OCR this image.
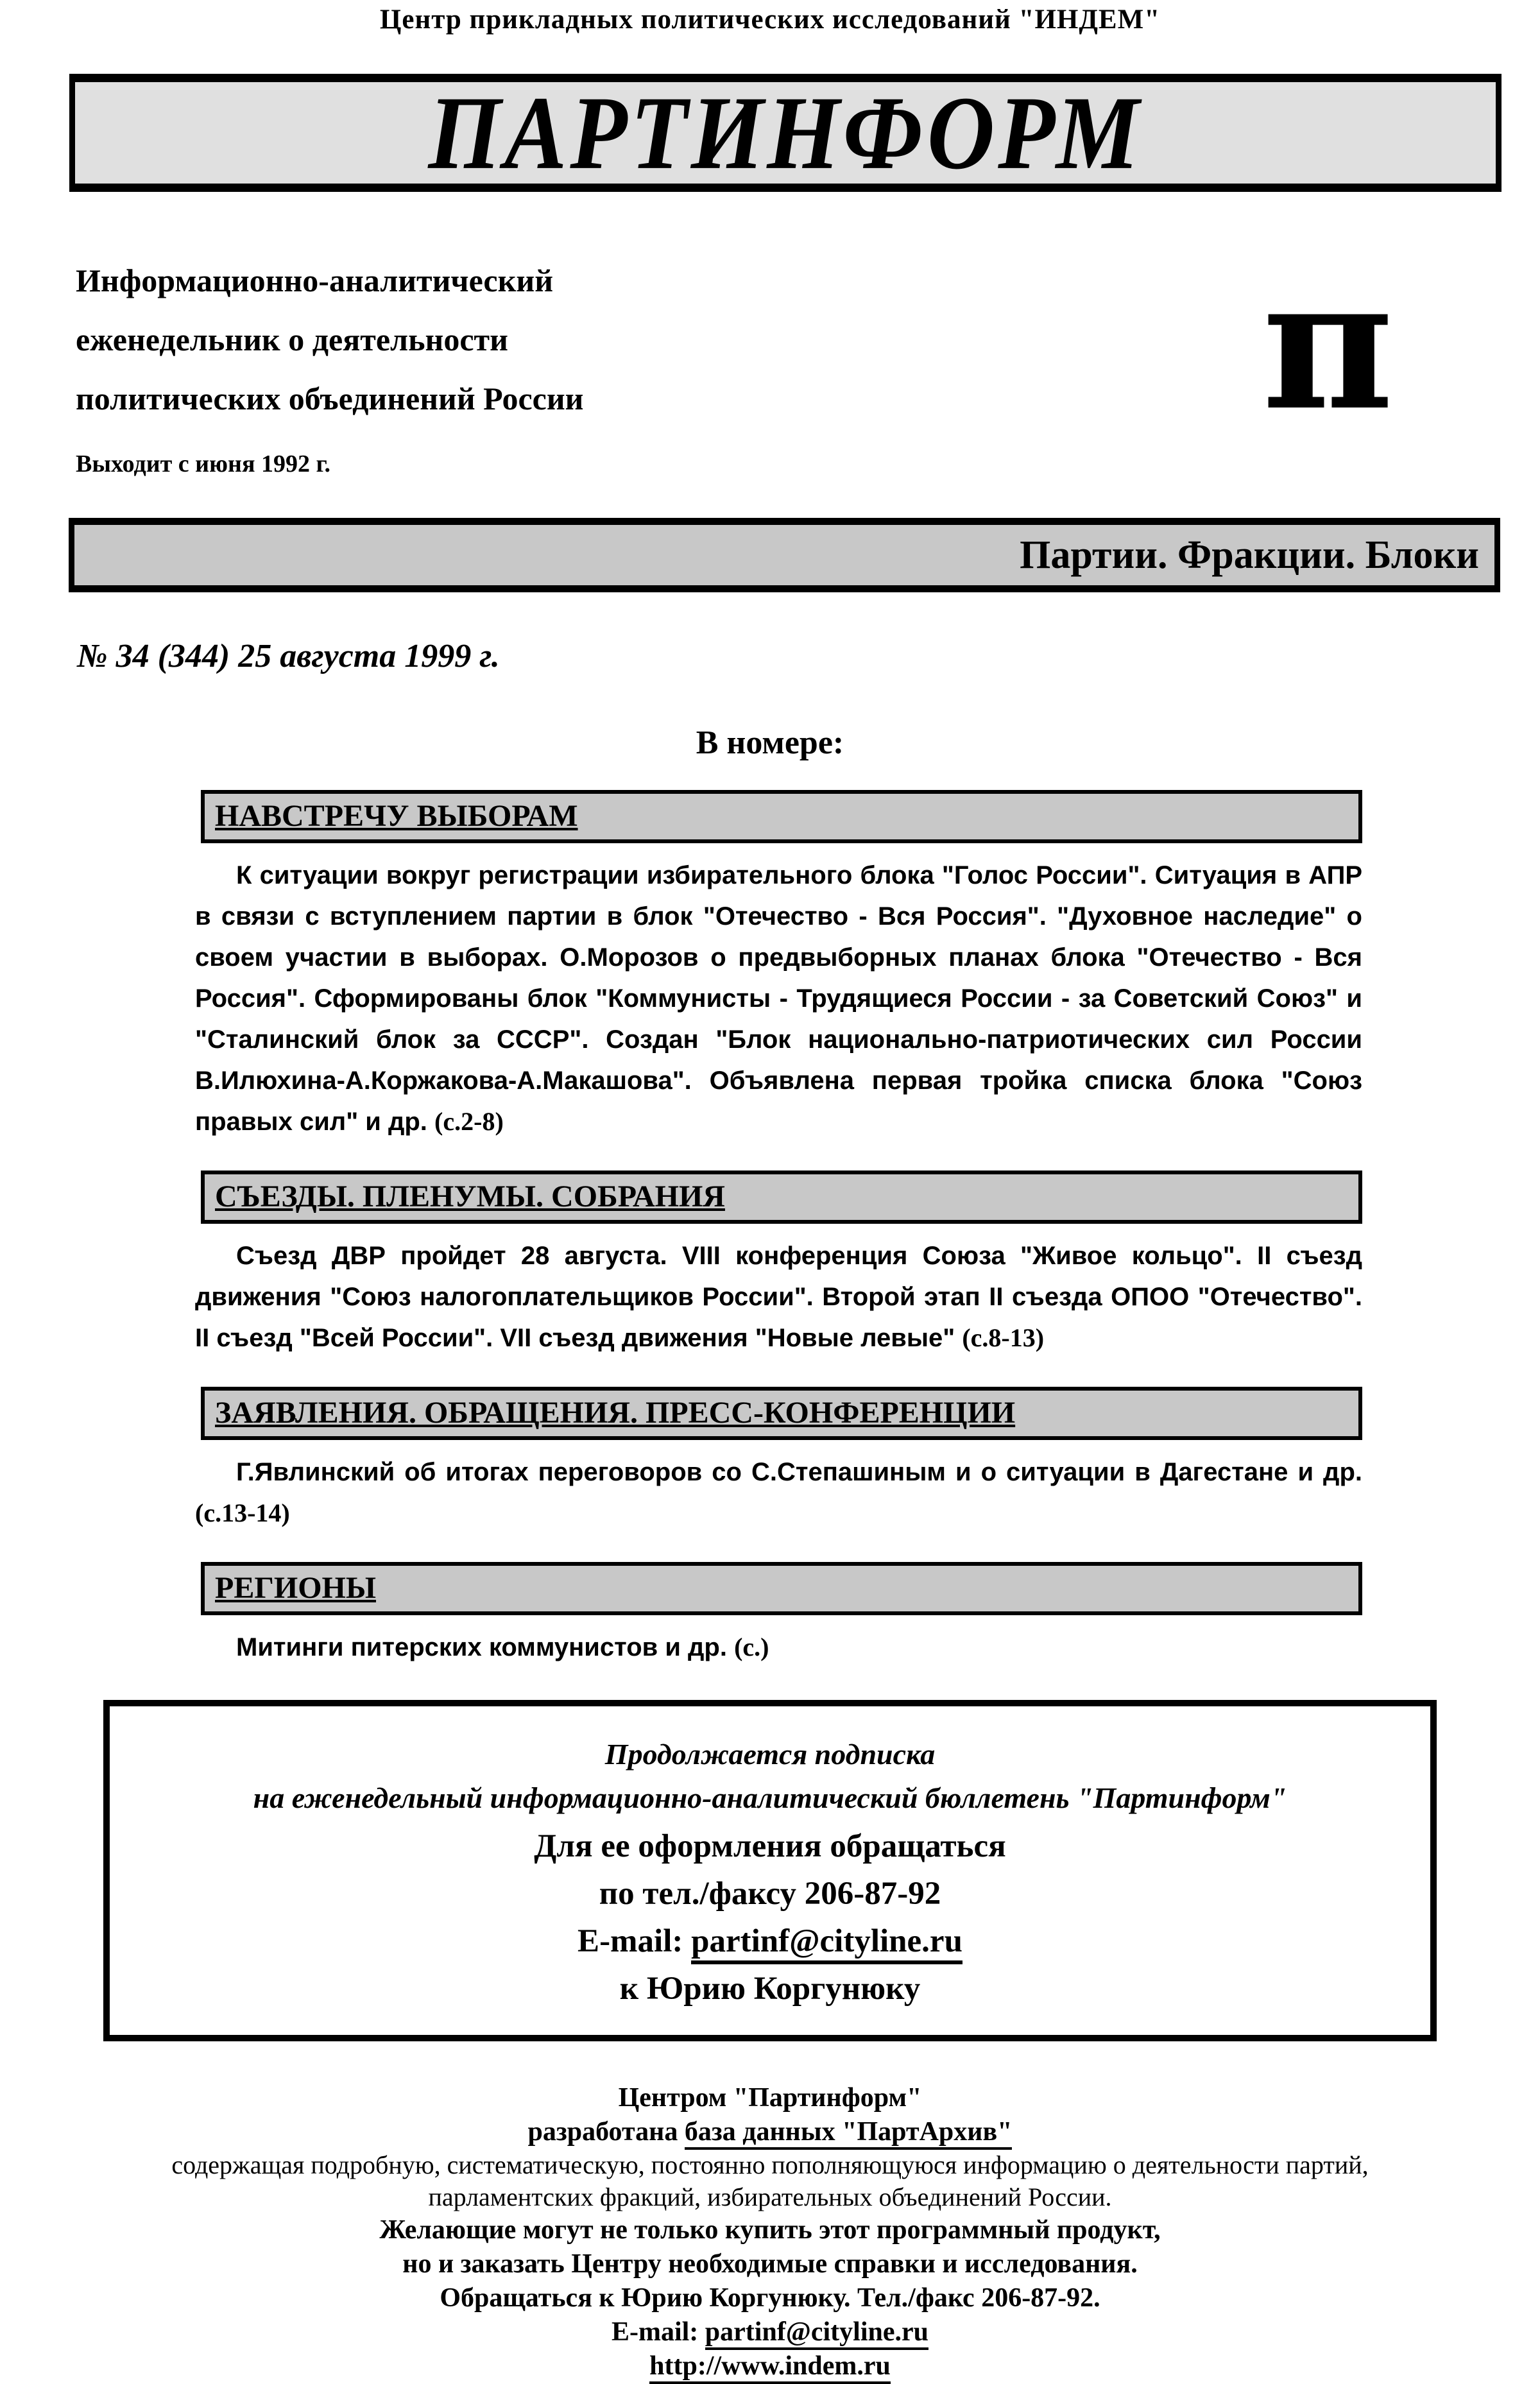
Центр прикладных политических исследований "ИНДЕМ"
ПАРТИНФОРМ
Информационно-аналитический
еженедельник о деятельности
политических объединений России
Выходит с июня 1992 г.
π
Партии. Фракции. Блоки
№ 34 (344) 25 августа 1999 г.
В номере:
НАВСТРЕЧУ ВЫБОРАМ

К ситуации вокруг регистрации избирательного блока "Голос России". Ситуация в АПР в связи с вступлением партии в блок "Отечество - Вся Россия". "Духовное наследие" о своем участии в выборах. О.Морозов о предвыборных планах блока "Отечество - Вся Россия". Сформированы блок "Коммунисты - Трудящиеся России - за Советский Союз" и "Сталинский блок за СССР". Создан "Блок национально-патриотических сил России В.Илюхина-А.Коржакова-А.Макашова". Объявлена первая тройка списка блока "Союз правых сил" и др. (с.2-8)

СЪЕЗДЫ. ПЛЕНУМЫ. СОБРАНИЯ

Съезд ДВР пройдет 28 августа. VIII конференция Союза "Живое кольцо". II съезд движения "Союз налогоплательщиков России". Второй этап II съезда ОПОО "Отечество". II съезд "Всей России". VII съезд движения "Новые левые" (с.8-13)

ЗАЯВЛЕНИЯ. ОБРАЩЕНИЯ. ПРЕСС-КОНФЕРЕНЦИИ

Г.Явлинский об итогах переговоров со С.Степашиным и о ситуации в Дагестане и др. (с.13-14)

РЕГИОНЫ

Митинги питерских коммунистов и др. (с.)

Продолжается подписка
на еженедельный информационно-аналитический бюллетень "Партинформ"
Для ее оформления обращаться
по тел./факсу 206-87-92
E-mail: partinf@cityline.ru
к Юрию Коргунюку
Центром "Партинформ"
разработана база данных "ПартАрхив"
содержащая подробную, систематическую, постоянно пополняющуюся информацию о деятельности партий,
парламентских фракций, избирательных объединений России.
Желающие могут не только купить этот программный продукт,
но и заказать Центру необходимые справки и исследования.
Обращаться к Юрию Коргунюку. Тел./факс 206-87-92.
E-mail: partinf@cityline.ru
http://www.indem.ru
